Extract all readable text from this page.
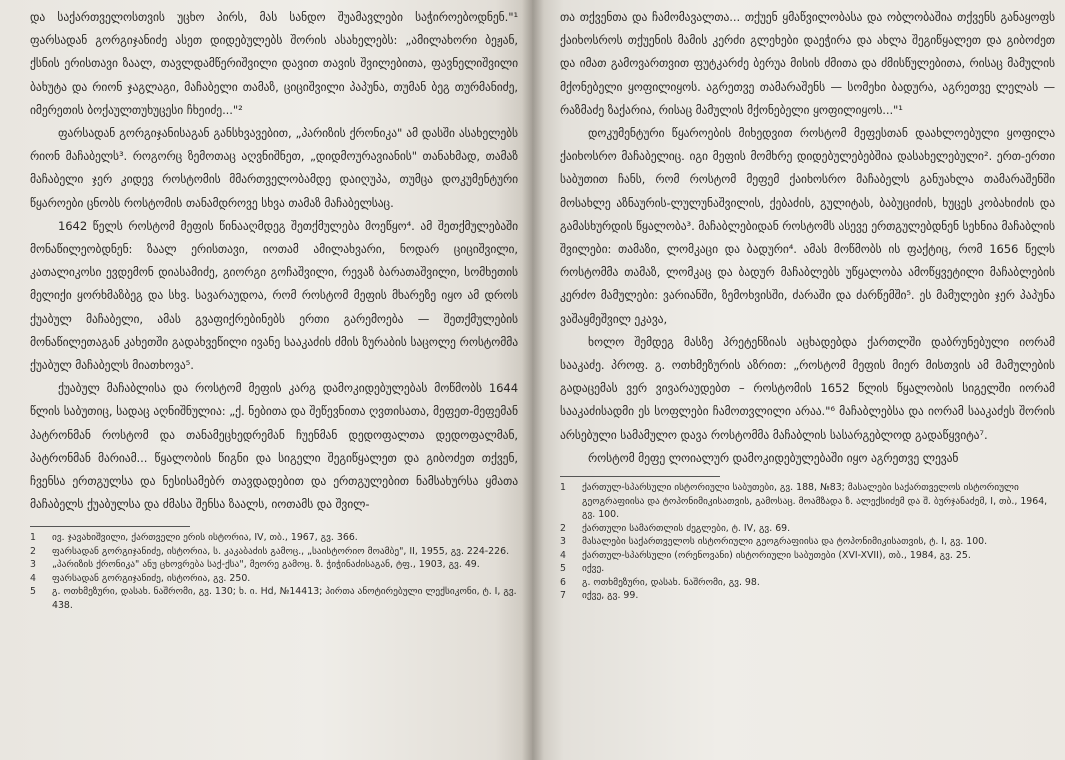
და საქართველოსთვის უცხო პირს, მას სანდო შუამავლები საჭიროებოდნენ."¹ ფარსადან გორგიჯანიძე ასეთ დიდებულებს შორის ასახელებს: „ამილახორი ბეჟან, ქსნის ერისთავი ზაალ, თავლდამწერიშვილი დავით თავის შვილებითა, ფავნელიშვილი ბახუტა და რიონ ჯაგლაგი, მაჩაბელი თამაზ, ციციშვილი პაპუნა, თუმან ბეგ თურმანიძე, იმერეთის ბოქაულთუხუცესი ჩხეიძე..."²

ფარსადან გორგიჯანისაგან განსხვავებით, „პარიზის ქრონიკა" ამ დასში ასახელებს რიონ მაჩაბელს³. როგორც ზემოთაც აღვნიშნეთ, „დიდმოურავიანის" თანახმად, თამაზ მაჩაბელი ჯერ კიდევ როსტომის მმართველობამდე დაიღუპა, თუმცა დოკუმენტური წყაროები ცნობს როსტომის თანამდროვე სხვა თამაზ მაჩაბელსაც.

1642 წელს როსტომ მეფის წინააღმდეგ შეთქმულება მოეწყო⁴. ამ შეთქმულებაში მონაწილეობდნენ: ზაალ ერისთავი, იოთამ ამილახვარი, ნოდარ ციციშვილი, კათალიკოსი ევდემონ დიასამიძე, გიორგი გოჩაშვილი, რევაზ ბარათაშვილი, სომხეთის მელიქი ყორხმაზბეგ და სხვ. სავარაუდოა, რომ როსტომ მეფის მხარეზე იყო ამ დროს ქუაბულ მაჩაბელი, ამას გვაფიქრებინებს ერთი გარემოება — შეთქმულების მონაწილეთაგან კახეთში გადახვეწილი ივანე სააკაძის ძმის ზურაბის საცოლე როსტომმა ქუაბულ მაჩაბელს მიათხოვა⁵.

ქუაბულ მაჩაბლისა და როსტომ მეფის კარგ დამოკიდებულებას მოწმობს 1644 წლის საბუთიც, სადაც აღნიშნულია: „ქ. ნებითა და შეწევნითა ღვთისათა, მეფეთ-მეფემან პატრონმან როსტომ და თანამეცხედრემან ჩუენმან დედოფალთა დედოფალმან, პატრონმან მარიამ... წყალობის წიგნი და სიგელი შეგიწყალეთ და გიბოძეთ თქვენ, ჩვენსა ერთგულსა და ნესისამებრ თავდადებით და ერთგულებით ნამსახურსა ყმათა მაჩაბელს ქუაბულსა და ძმასა შენსა ზაალს, იოთამს და შვილ-

1	ივ. ჯავახიშვილი, ქართველი ერის ისტორია, IV, თბ., 1967, გვ. 366.
2	ფარსადან გორგიჯანიძე, ისტორია, ს. კაკაბაძის გამოც., „საისტორიო მოამბე", II, 1955, გვ. 224-226.
3	„პარიზის ქრონიკა" ანუ ცხოვრება საქ-ქსა", მეორე გამოც. ზ. ჭიჭინაძისაგან, ტფ., 1903, გვ. 49.
4	ფარსადან გორგიჯანიძე, ისტორია, გვ. 250.
5	გ. ოთხმეზური, დასახ. ნაშრომი, გვ. 130; ხ. ი. Hd, №14413; პირთა ანოტირებული ლექსიკონი, ტ. I, გვ. 438.

თა თქვენთა და ჩამომავალთა... თქუენ ყმაწვილობასა და ობლობაშია თქვენს განაყოფს ქაიხოსროს თქუენის მამის კერძი გლეხები დაეჭირა და ახლა შეგიწყალეთ და გიბოძეთ და იმათ გამოვართვით ფუტკარძე ბერუა მისის ძმითა და ძმისწულებითა, რისაც მამულის მქონებელი ყოფილიყოს. აგრეთვე თამარაშენს — სომეხი ბადურა, აგრეთვე ლელას — რაზმაძე ზაქარია, რისაც მამულის მქონებელი ყოფილიყოს..."¹

დოკუმენტური წყაროების მიხედვით როსტომ მეფესთან დაახლოებული ყოფილა ქაიხოსრო მაჩაბელიც. იგი მეფის მომხრე დიდებულებებშია დასახელებული². ერთ-ერთი საბუთით ჩანს, რომ როსტომ მეფემ ქაიხოსრო მაჩაბელს განუახლა თამარაშენში მოსახლე აზნაურის-ლულუნაშვილის, ქებაძის, გულიტას, ბაბუციძის, ხუცეს კობახიძის და გამასხურდის წყალობა³. მაჩაბლებიდან როსტომს ასევე ერთგულებდნენ სეხნია მაჩაბლის შვილები: თამაზი, ლომკაცი და ბადური⁴. ამას მოწმობს ის ფაქტიც, რომ 1656 წელს როსტომმა თამაზ, ლომკაც და ბადურ მაჩაბლებს უწყალობა ამოწყვეტილი მაჩაბლების კერძო მამულები: ვარიანში, ზემოხვისში, ძარაში და ძარწემში⁵. ეს მამულები ჯერ პაპუნა ვაშაყმეშვილ ეკავა,

ხოლო შემდეგ მასზე პრეტენზიას აცხადებდა ქართლში დაბრუნებული იორამ სააკაძე. პროფ. გ. ოთხმეზურის აზრით: „როსტომ მეფის მიერ მისთვის ამ მამულების გადაცემას ვერ ვივარაუდებთ – როსტომის 1652 წლის წყალობის სიგელში იორამ სააკაძისადმი ეს სოფლები ჩამოთვლილი არაა."⁶ მაჩაბლებსა და იორამ სააკაძეს შორის არსებული სამამულო დავა როსტომმა მაჩაბლის სასარგებლოდ გადაწყვიტა⁷.

როსტომ მეფე ლოიალურ დამოკიდებულებაში იყო აგრეთვე ლევან

1	ქართულ-სპარსული ისტორიული საბუთები, გვ. 188, №83; მასალები საქართველოს ისტორიული გეოგრაფიისა და ტოპონიმიკისათვის, გამოსაც. მოამზადა ზ. ალექსიძემ და შ. ბურჯანაძემ, I, თბ., 1964, გვ. 100.
2	ქართული სამართლის ძეგლები, ტ. IV, გვ. 69.
3	მასალები საქართველოს ისტორიული გეოგრაფიისა და ტოპონიმიკისათვის, ტ. I, გვ. 100.
4	ქართულ-სპარსული (ორენოვანი) ისტორიული საბუთები (XVI-XVII), თბ., 1984, გვ. 25.
5	იქვე.
6	გ. ოთხმეზური, დასახ. ნაშრომი, გვ. 98.
7	იქვე, გვ. 99.
